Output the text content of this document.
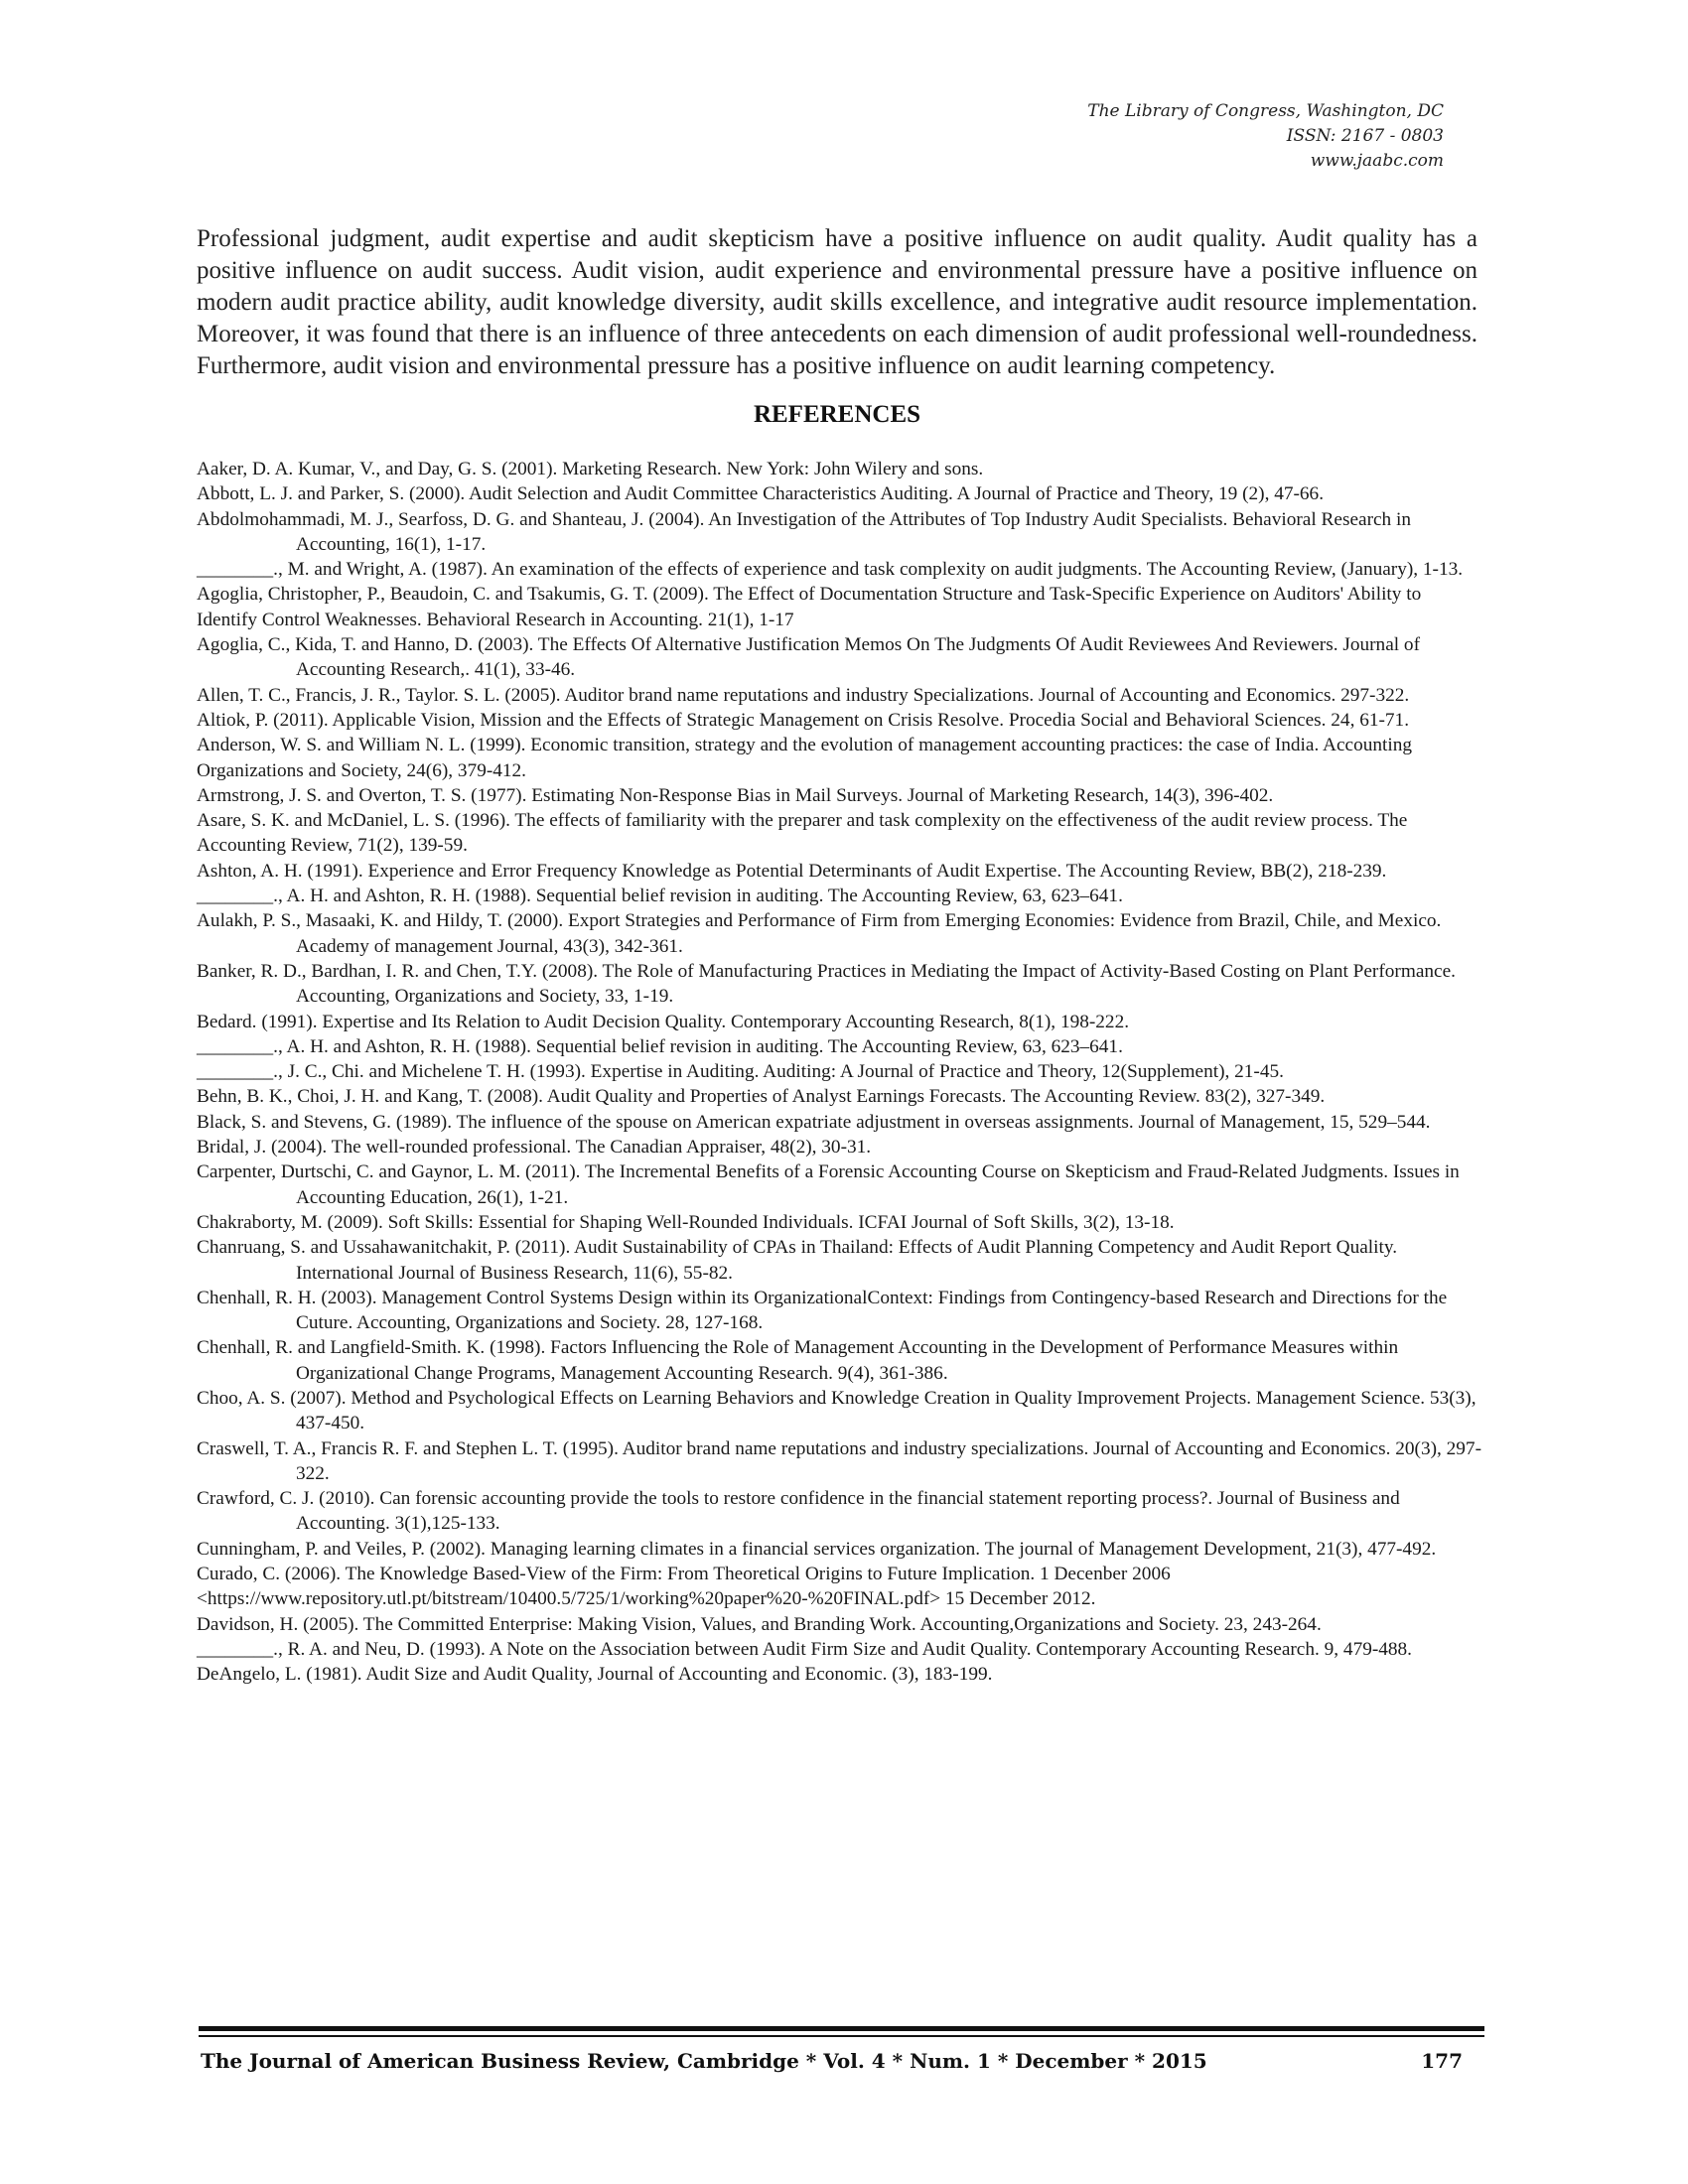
The Library of Congress, Washington, DC
ISSN: 2167 - 0803
www.jaabc.com

Professional judgment, audit expertise and audit skepticism have a positive influence on audit quality. Audit quality has a positive influence on audit success. Audit vision, audit experience and environmental pressure have a positive influence on modern audit practice ability, audit knowledge diversity, audit skills excellence, and integrative audit resource implementation. Moreover, it was found that there is an influence of three antecedents on each dimension of audit professional well-roundedness. Furthermore, audit vision and environmental pressure has a positive influence on audit learning competency.

REFERENCES
Aaker, D. A. Kumar, V., and Day, G. S. (2001). Marketing Research. New York: John Wilery and sons.
Abbott, L. J. and Parker, S. (2000). Audit Selection and Audit Committee Characteristics Auditing. A Journal of Practice and Theory, 19 (2), 47-66.
Abdolmohammadi, M. J., Searfoss, D. G. and Shanteau, J. (2004). An Investigation of the Attributes of Top Industry Audit Specialists. Behavioral Research in Accounting, 16(1), 1-17.
________., M. and Wright, A. (1987). An examination of the effects of experience and task complexity on audit judgments. The Accounting Review, (January), 1-13.
Agoglia, Christopher, P., Beaudoin, C. and Tsakumis, G. T. (2009). The Effect of Documentation Structure and Task-Specific Experience on Auditors' Ability to Identify Control Weaknesses. Behavioral Research in Accounting. 21(1), 1-17
Agoglia, C., Kida, T. and Hanno, D. (2003). The Effects Of Alternative Justification Memos On The Judgments Of Audit Reviewees And Reviewers. Journal of Accounting Research,. 41(1), 33-46.
Allen, T. C., Francis, J. R., Taylor. S. L. (2005). Auditor brand name reputations and industry Specializations. Journal of Accounting and Economics. 297-322.
Altiok, P. (2011). Applicable Vision, Mission and the Effects of Strategic Management on Crisis Resolve. Procedia Social and Behavioral Sciences. 24, 61-71.
Anderson, W. S. and William N. L. (1999). Economic transition, strategy and the evolution of management accounting practices: the case of India. Accounting Organizations and Society, 24(6), 379-412.
Armstrong, J. S. and Overton, T. S. (1977). Estimating Non-Response Bias in Mail Surveys. Journal of Marketing Research, 14(3), 396-402.
Asare, S. K. and McDaniel, L. S. (1996). The effects of familiarity with the preparer and task complexity on the effectiveness of the audit review process. The Accounting Review, 71(2), 139-59.
Ashton, A. H. (1991). Experience and Error Frequency Knowledge as Potential Determinants of Audit Expertise. The Accounting Review, BB(2), 218-239.
________., A. H. and Ashton, R. H. (1988). Sequential belief revision in auditing. The Accounting Review, 63, 623–641.
Aulakh, P. S., Masaaki, K. and Hildy, T. (2000). Export Strategies and Performance of Firm from Emerging Economies: Evidence from Brazil, Chile, and Mexico. Academy of management Journal, 43(3), 342-361.
Banker, R. D., Bardhan, I. R. and Chen, T.Y. (2008). The Role of Manufacturing Practices in Mediating the Impact of Activity-Based Costing on Plant Performance. Accounting, Organizations and Society, 33, 1-19.
Bedard. (1991). Expertise and Its Relation to Audit Decision Quality. Contemporary Accounting Research, 8(1), 198-222.
________., A. H. and Ashton, R. H. (1988). Sequential belief revision in auditing. The Accounting Review, 63, 623–641.
________., J. C., Chi. and Michelene T. H. (1993). Expertise in Auditing. Auditing: A Journal of Practice and Theory, 12(Supplement), 21-45.
Behn, B. K., Choi, J. H. and Kang, T. (2008). Audit Quality and Properties of Analyst Earnings Forecasts. The Accounting Review. 83(2), 327-349.
Black, S. and Stevens, G. (1989). The influence of the spouse on American expatriate adjustment in overseas assignments. Journal of Management, 15, 529–544.
Bridal, J. (2004). The well-rounded professional. The Canadian Appraiser, 48(2), 30-31.
Carpenter, Durtschi, C. and Gaynor, L. M. (2011). The Incremental Benefits of a Forensic Accounting Course on Skepticism and Fraud-Related Judgments. Issues in Accounting Education, 26(1), 1-21.
Chakraborty, M. (2009). Soft Skills: Essential for Shaping Well-Rounded Individuals. ICFAI Journal of Soft Skills, 3(2), 13-18.
Chanruang, S. and Ussahawanitchakit, P. (2011). Audit Sustainability of CPAs in Thailand: Effects of Audit Planning Competency and Audit Report Quality. International Journal of Business Research, 11(6), 55-82.
Chenhall, R. H. (2003). Management Control Systems Design within its OrganizationalContext: Findings from Contingency-based Research and Directions for the Cuture. Accounting, Organizations and Society. 28, 127-168.
Chenhall, R. and Langfield-Smith. K. (1998). Factors Influencing the Role of Management Accounting in the Development of Performance Measures within Organizational Change Programs, Management Accounting Research. 9(4), 361-386.
Choo, A. S. (2007). Method and Psychological Effects on Learning Behaviors and Knowledge Creation in Quality Improvement Projects. Management Science. 53(3), 437-450.
Craswell, T. A., Francis R. F. and Stephen L. T. (1995). Auditor brand name reputations and industry specializations. Journal of Accounting and Economics. 20(3), 297-322.
Crawford, C. J. (2010). Can forensic accounting provide the tools to restore confidence in the financial statement reporting process?. Journal of Business and Accounting. 3(1),125-133.
Cunningham, P. and Veiles, P. (2002). Managing learning climates in a financial services organization. The journal of Management Development, 21(3), 477-492.
Curado, C. (2006). The Knowledge Based-View of the Firm: From Theoretical Origins to Future Implication. 1 Decenber 2006 <https://www.repository.utl.pt/bitstream/10400.5/725/1/working%20paper%20-%20FINAL.pdf> 15 December 2012.
Davidson, H. (2005). The Committed Enterprise: Making Vision, Values, and Branding Work. Accounting,Organizations and Society. 23, 243-264.
________., R. A. and Neu, D. (1993). A Note on the Association between Audit Firm Size and Audit Quality. Contemporary Accounting Research. 9, 479-488.
DeAngelo, L. (1981). Audit Size and Audit Quality, Journal of Accounting and Economic. (3), 183-199.
The Journal of American Business Review, Cambridge * Vol. 4 * Num. 1 * December * 2015	177
